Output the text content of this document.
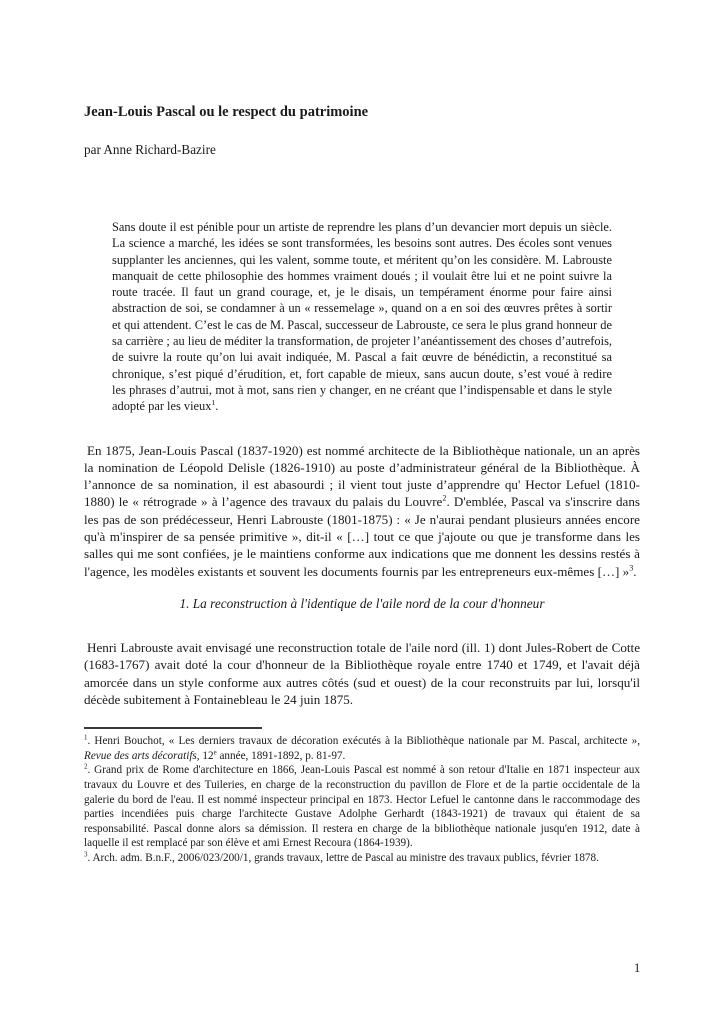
Jean-Louis Pascal ou le respect du patrimoine

par Anne Richard-Bazire

Sans doute il est pénible pour un artiste de reprendre les plans d’un devancier mort depuis un siècle. La science a marché, les idées se sont transformées, les besoins sont autres. Des écoles sont venues supplanter les anciennes, qui les valent, somme toute, et méritent qu’on les considère. M. Labrouste manquait de cette philosophie des hommes vraiment doués ; il voulait être lui et ne point suivre la route tracée. Il faut un grand courage, et, je le disais, un tempérament énorme pour faire ainsi abstraction de soi, se condamner à un « ressemelage », quand on a en soi des œuvres prêtes à sortir et qui attendent. C’est le cas de M. Pascal, successeur de Labrouste, ce sera le plus grand honneur de sa carrière ; au lieu de méditer la transformation, de projeter l’anéantissement des choses d’autrefois, de suivre la route qu’on lui avait indiquée, M. Pascal a fait œuvre de bénédictin, a reconstitué sa chronique, s’est piqué d’érudition, et, fort capable de mieux, sans aucun doute, s’est voué à redire les phrases d’autrui, mot à mot, sans rien y changer, en ne créant que l’indispensable et dans le style adopté par les vieux$^1$.

En 1875, Jean-Louis Pascal (1837-1920) est nommé architecte de la Bibliothèque nationale, un an après la nomination de Léopold Delisle (1826-1910) au poste d’administrateur général de la Bibliothèque. À l’annonce de sa nomination, il est abasourdi ; il vient tout juste d’apprendre qu' Hector Lefuel (1810-1880) le « rétrograde » à l’agence des travaux du palais du Louvre$^2$. D'emblée, Pascal va s'inscrire dans les pas de son prédécesseur, Henri Labrouste (1801-1875) : « Je n'aurai pendant plusieurs années encore qu'à m'inspirer de sa pensée primitive », dit-il « […] tout ce que j'ajoute ou que je transforme dans les salles qui me sont confiées, je le maintiens conforme aux indications que me donnent les dessins restés à l'agence, les modèles existants et souvent les documents fournis par les entrepreneurs eux-mêmes […] »$^3$.

1. La reconstruction à l'identique de l'aile nord de la cour d'honneur

Henri Labrouste avait envisagé une reconstruction totale de l'aile nord (ill. 1) dont Jules-Robert de Cotte (1683-1767) avait doté la cour d'honneur de la Bibliothèque royale entre 1740 et 1749, et l'avait déjà amorcée dans un style conforme aux autres côtés (sud et ouest) de la cour reconstruits par lui, lorsqu'il décède subitement à Fontainebleau le 24 juin 1875.

$^1$. Henri Bouchot, « Les derniers travaux de décoration exécutés à la Bibliothèque nationale par M. Pascal, architecte », Revue des arts décoratifs, 12e année, 1891-1892, p. 81-97.

$^2$. Grand prix de Rome d'architecture en 1866, Jean-Louis Pascal est nommé à son retour d'Italie en 1871 inspecteur aux travaux du Louvre et des Tuileries, en charge de la reconstruction du pavillon de Flore et de la partie occidentale de la galerie du bord de l'eau. Il est nommé inspecteur principal en 1873. Hector Lefuel le cantonne dans le raccommodage des parties incendiées puis charge l'architecte Gustave Adolphe Gerhardt (1843-1921) de travaux qui étaient de sa responsabilité. Pascal donne alors sa démission. Il restera en charge de la bibliothèque nationale jusqu'en 1912, date à laquelle il est remplacé par son élève et ami Ernest Recoura (1864-1939).

$^3$. Arch. adm. B.n.F., 2006/023/200/1, grands travaux, lettre de Pascal au ministre des travaux publics, février 1878.

1
